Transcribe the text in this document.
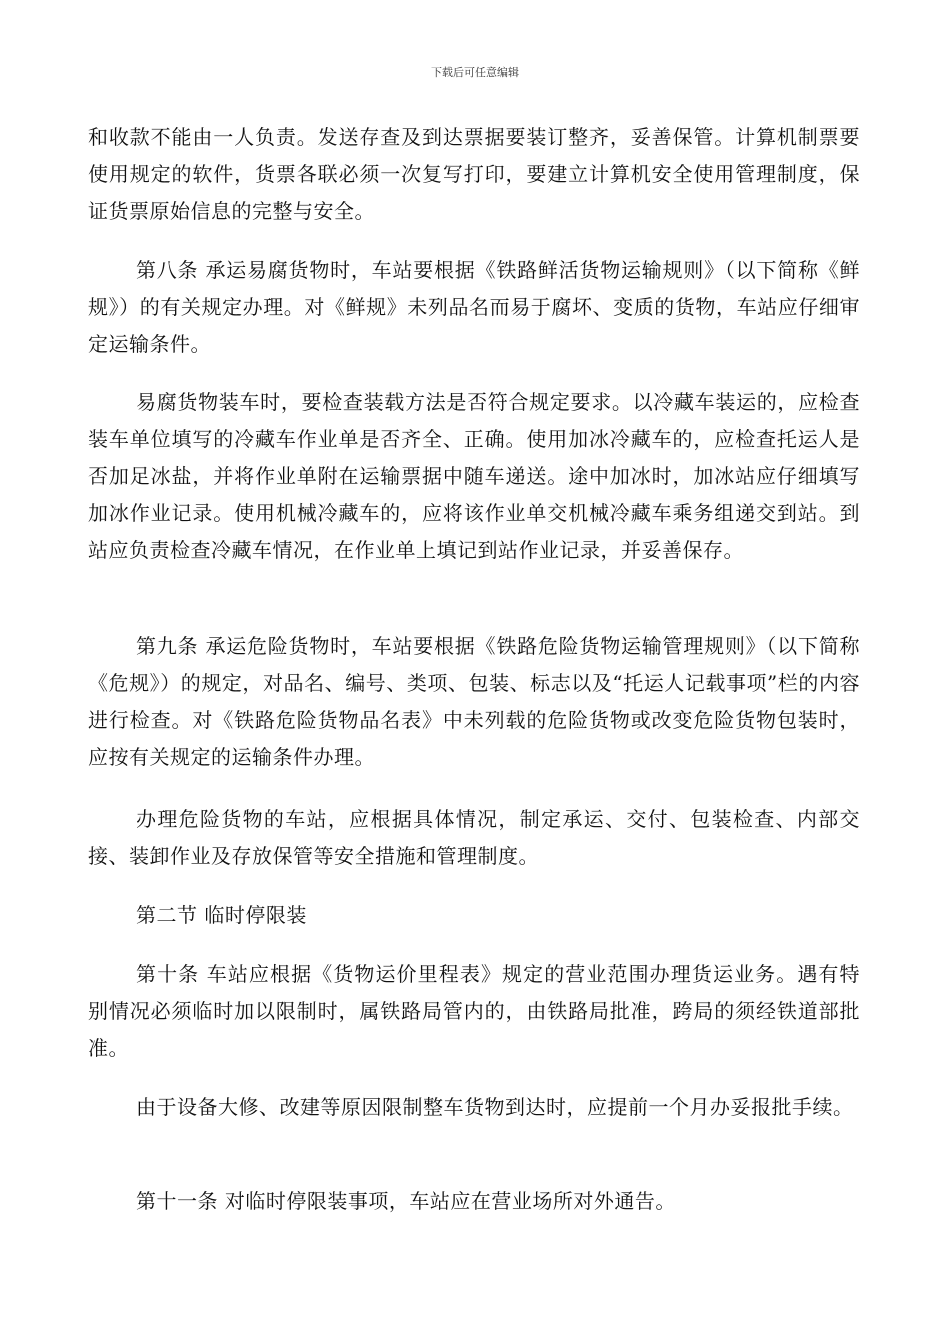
下载后可任意编辑

和收款不能由一人负责。发送存查及到达票据要装订整齐，妥善保管。计算机制票要使用规定的软件，货票各联必须一次复写打印，要建立计算机安全使用管理制度，保证货票原始信息的完整与安全。

第八条 承运易腐货物时，车站要根据《铁路鲜活货物运输规则》（以下简称《鲜规》）的有关规定办理。对《鲜规》未列品名而易于腐坏、变质的货物，车站应仔细审定运输条件。

易腐货物装车时，要检查装载方法是否符合规定要求。以冷藏车装运的，应检查装车单位填写的冷藏车作业单是否齐全、正确。使用加冰冷藏车的，应检查托运人是否加足冰盐，并将作业单附在运输票据中随车递送。途中加冰时，加冰站应仔细填写加冰作业记录。使用机械冷藏车的，应将该作业单交机械冷藏车乘务组递交到站。到站应负责检查冷藏车情况，在作业单上填记到站作业记录，并妥善保存。

第九条 承运危险货物时，车站要根据《铁路危险货物运输管理规则》（以下简称《危规》）的规定，对品名、编号、类项、包装、标志以及“托运人记载事项”栏的内容进行检查。对《铁路危险货物品名表》中未列载的危险货物或改变危险货物包装时，应按有关规定的运输条件办理。

办理危险货物的车站，应根据具体情况，制定承运、交付、包装检查、内部交接、装卸作业及存放保管等安全措施和管理制度。

第二节 临时停限装

第十条 车站应根据《货物运价里程表》规定的营业范围办理货运业务。遇有特别情况必须临时加以限制时，属铁路局管内的，由铁路局批准，跨局的须经铁道部批准。

由于设备大修、改建等原因限制整车货物到达时，应提前一个月办妥报批手续。

第十一条 对临时停限装事项，车站应在营业场所对外通告。
